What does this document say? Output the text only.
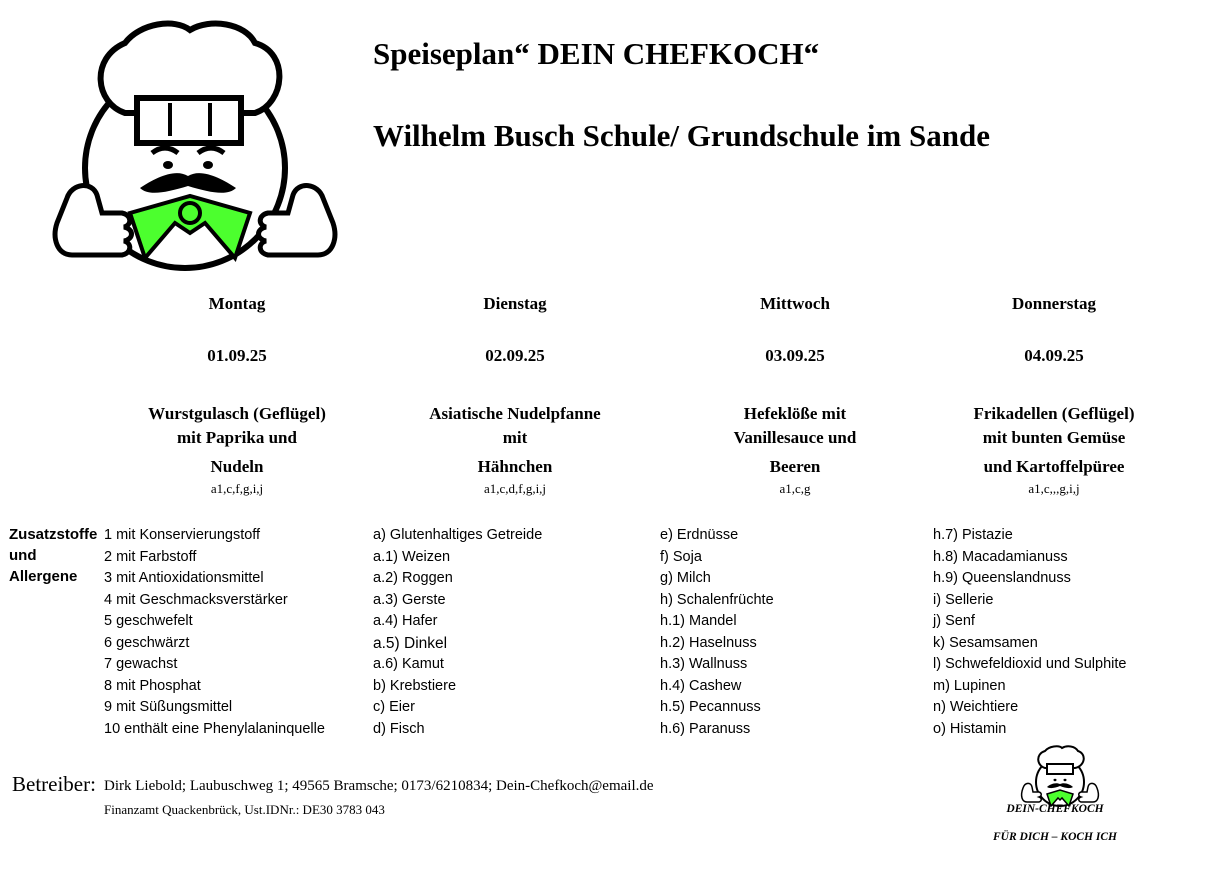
Speiseplan“ DEIN CHEFKOCH“
Wilhelm Busch Schule/ Grundschule im Sande
Montag
01.09.25
Wurstgulasch (Geflügel)
mit Paprika und
Nudeln
a1,c,f,g,i,j
Dienstag
02.09.25
Asiatische Nudelpfanne
mit
Hähnchen
a1,c,d,f,g,i,j
Mittwoch
03.09.25
Hefeklöße mit
Vanillesauce und
Beeren
a1,c,g
Donnerstag
04.09.25
Frikadellen (Geflügel)
mit bunten Gemüse
und Kartoffelpüree
a1,c,,,g,i,j
Zusatzstoffe
und
Allergene
1 mit Konservierungstoff
2 mit Farbstoff
3 mit Antioxidationsmittel
4 mit Geschmacksverstärker
5 geschwefelt
6 geschwärzt
7 gewachst
8 mit Phosphat
9 mit Süßungsmittel
10 enthält eine Phenylalaninquelle
a) Glutenhaltiges Getreide
a.1) Weizen
a.2) Roggen
a.3) Gerste
a.4) Hafer
a.5) Dinkel
a.6) Kamut
b) Krebstiere
c) Eier
d) Fisch
e) Erdnüsse
f) Soja
g) Milch
h) Schalenfrüchte
h.1) Mandel
h.2) Haselnuss
h.3) Wallnuss
h.4) Cashew
h.5) Pecannuss
h.6) Paranuss
h.7) Pistazie
h.8) Macadamianuss
h.9) Queenslandnuss
i) Sellerie
j) Senf
k) Sesamsamen
l) Schwefeldioxid und Sulphite
m) Lupinen
n) Weichtiere
o) Histamin
Betreiber: Dirk Liebold; Laubuschweg 1; 49565 Bramsche; 0173/6210834; Dein-Chefkoch@email.de
Finanzamt Quackenbrück, Ust.IDNr.: DE30 3783 043	DEIN-CHEFKOCH
FÜR DICH – KOCH ICH
